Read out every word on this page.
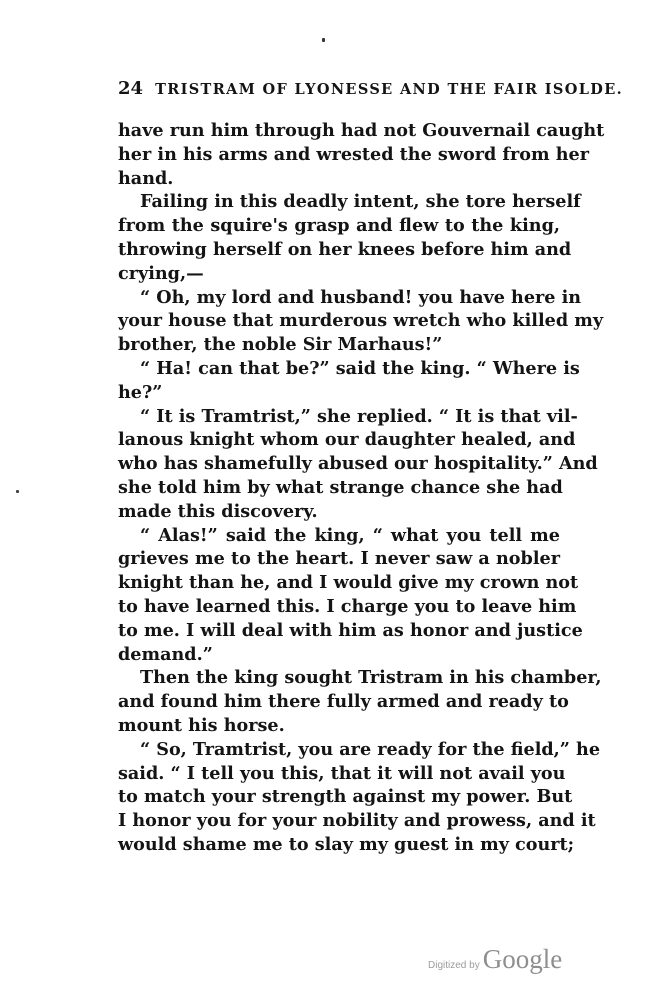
24 TRISTRAM OF LYONESSE AND THE FAIR ISOLDE.
have run him through had not Gouvernail caught
her in his arms and wrested the sword from her
hand.
Failing in this deadly intent, she tore herself
from the squire's grasp and flew to the king,
throwing herself on her knees before him and
crying,—
“ Oh, my lord and husband! you have here in
your house that murderous wretch who killed my
brother, the noble Sir Marhaus!”
“ Ha! can that be?” said the king. “ Where is
he?”
“ It is Tramtrist,” she replied. “ It is that vil-
lanous knight whom our daughter healed, and
who has shamefully abused our hospitality.” And
she told him by what strange chance she had
made this discovery.
“ Alas!” said the king, “ what you tell me
grieves me to the heart. I never saw a nobler
knight than he, and I would give my crown not
to have learned this. I charge you to leave him
to me. I will deal with him as honor and justice
demand.”
Then the king sought Tristram in his chamber,
and found him there fully armed and ready to
mount his horse.
“ So, Tramtrist, you are ready for the field,” he
said. “ I tell you this, that it will not avail you
to match your strength against my power. But
I honor you for your nobility and prowess, and it
would shame me to slay my guest in my court;
Digitized by Google
